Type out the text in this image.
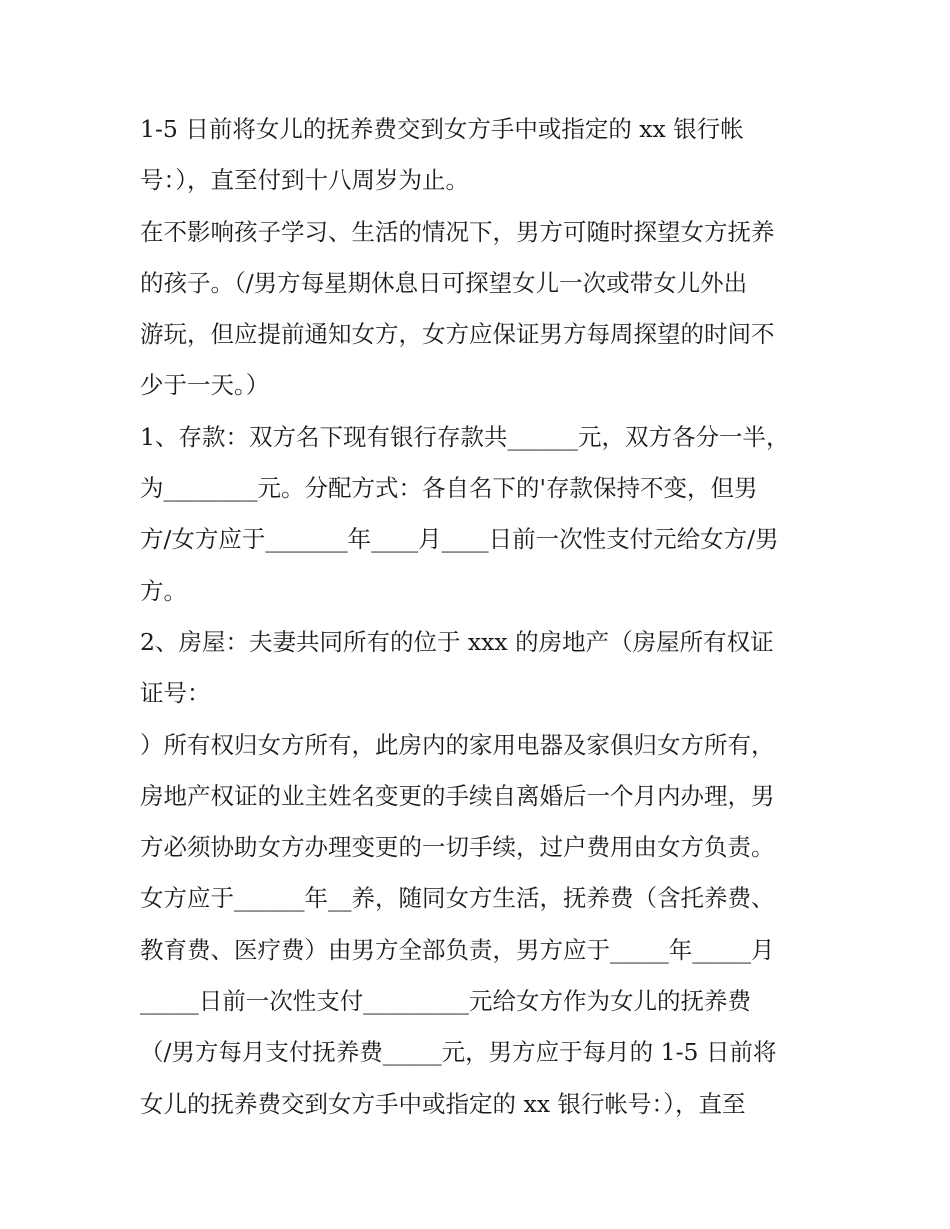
1-5 日前将女儿的抚养费交到女方手中或指定的 xx 银行帐
号：），直至付到十八周岁为止。
在不影响孩子学习、生活的情况下，男方可随时探望女方抚养
的孩子。（/男方每星期休息日可探望女儿一次或带女儿外出
游玩，但应提前通知女方，女方应保证男方每周探望的时间不
少于一天。）
1、存款：双方名下现有银行存款共______元，双方各分一半，
为________元。分配方式：各自名下的'存款保持不变，但男
方/女方应于_______年____月____日前一次性支付元给女方/男
方。
2、房屋：夫妻共同所有的位于 xxx 的房地产（房屋所有权证
证号：
）所有权归女方所有，此房内的家用电器及家俱归女方所有，
房地产权证的业主姓名变更的手续自离婚后一个月内办理，男
方必须协助女方办理变更的一切手续，过户费用由女方负责。
女方应于______年__养，随同女方生活，抚养费（含托养费、
教育费、医疗费）由男方全部负责，男方应于_____年_____月
_____日前一次性支付_________元给女方作为女儿的抚养费
（/男方每月支付抚养费_____元，男方应于每月的 1-5 日前将
女儿的抚养费交到女方手中或指定的 xx 银行帐号：），直至
